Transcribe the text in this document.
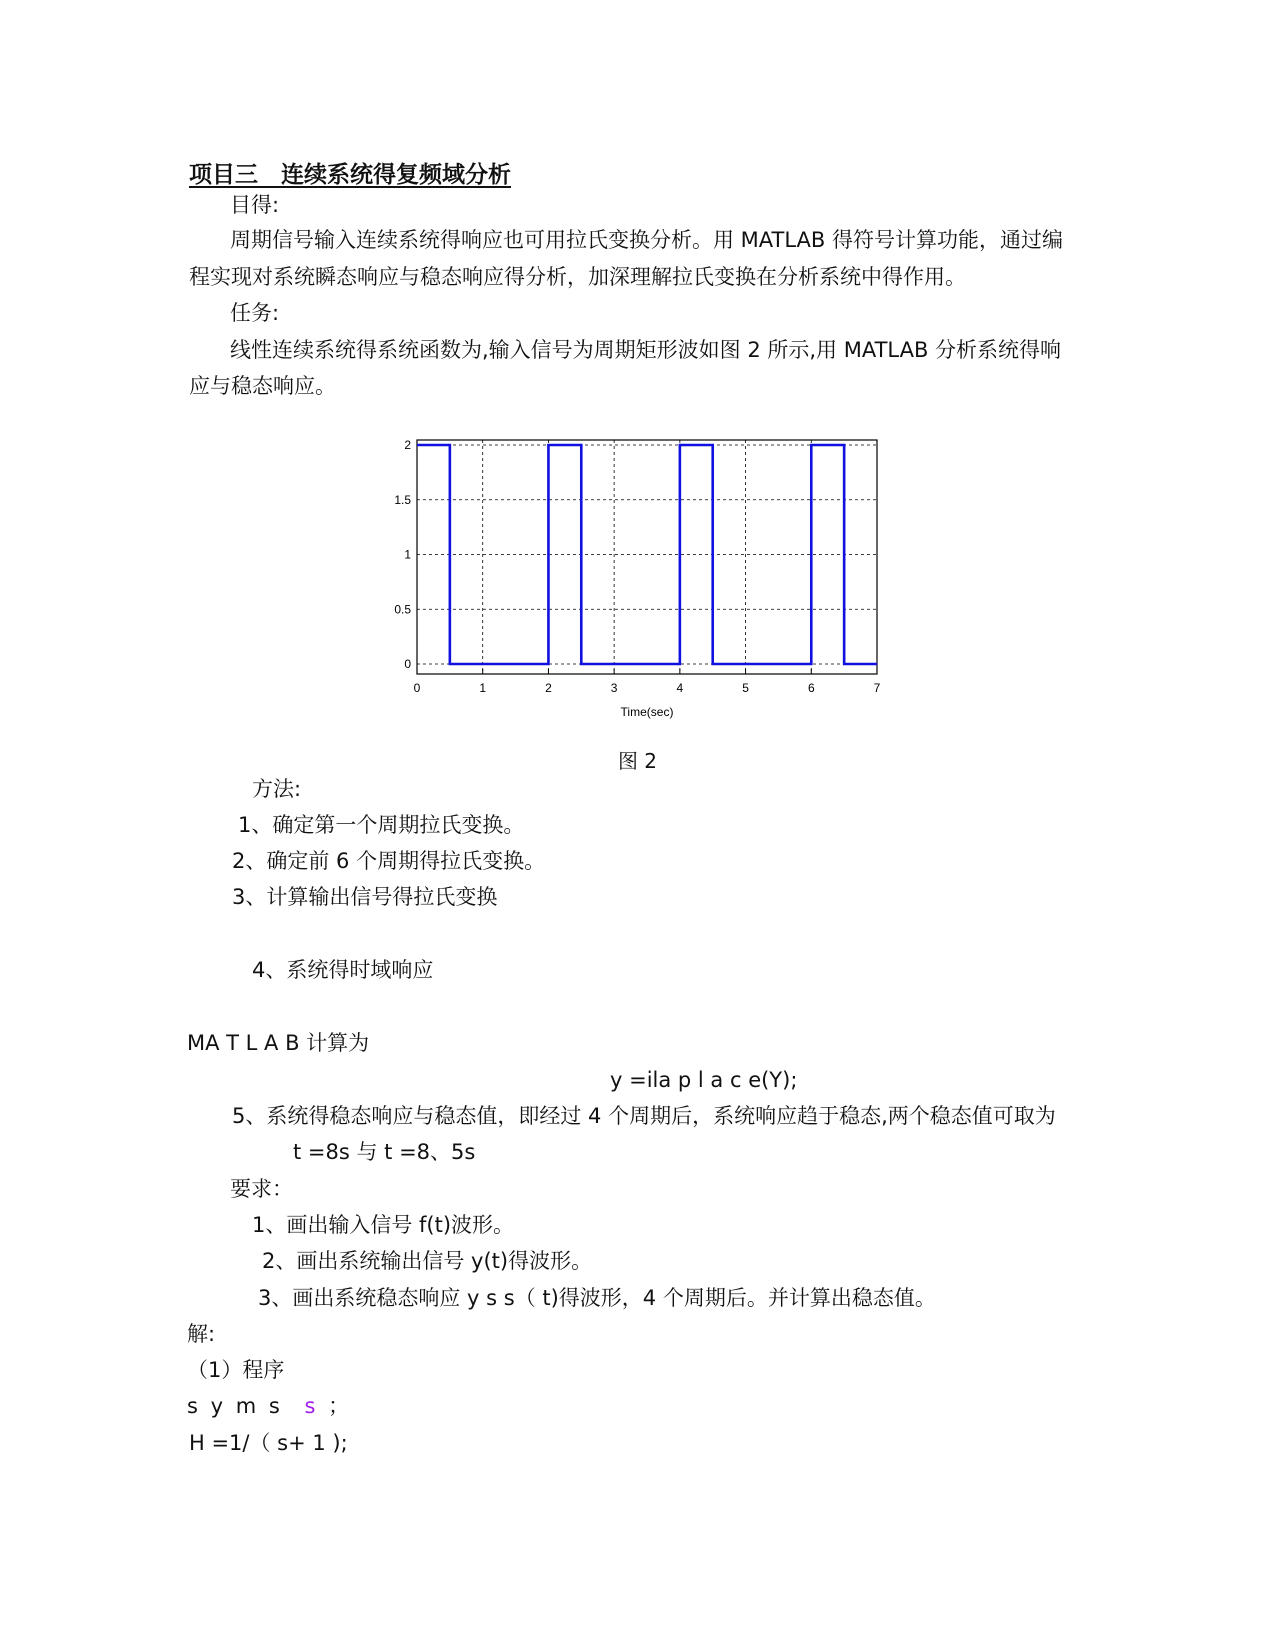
项目三　连续系统得复频域分析
目得:
周期信号输入连续系统得响应也可用拉氏变换分析。用 MATLAB 得符号计算功能，通过编
程实现对系统瞬态响应与稳态响应得分析，加深理解拉氏变换在分析系统中得作用。
任务:
线性连续系统得系统函数为,输入信号为周期矩形波如图 2 所示,用 MATLAB 分析系统得响
应与稳态响应。
0	1	2	3	4	5	6	7
0
0.5
1
1.5
2
Time(sec)
图 2
方法:
1、确定第一个周期拉氏变换。
2、确定前 6 个周期得拉氏变换。
3、计算输出信号得拉氏变换
4、系统得时域响应
MA T L A B 计算为
y =ila p l a c e(Y);
5、系统得稳态响应与稳态值，即经过 4 个周期后，系统响应趋于稳态,两个稳态值可取为
t =8s 与 t =8、5s
要求：
1、画出输入信号 f(t)波形。
2、画出系统输出信号 y(t)得波形。
3、画出系统稳态响应 y s s（ t)得波形，4 个周期后。并计算出稳态值。
解:
（1）程序
s y m s s ；
H =1/（ s+ 1 );
